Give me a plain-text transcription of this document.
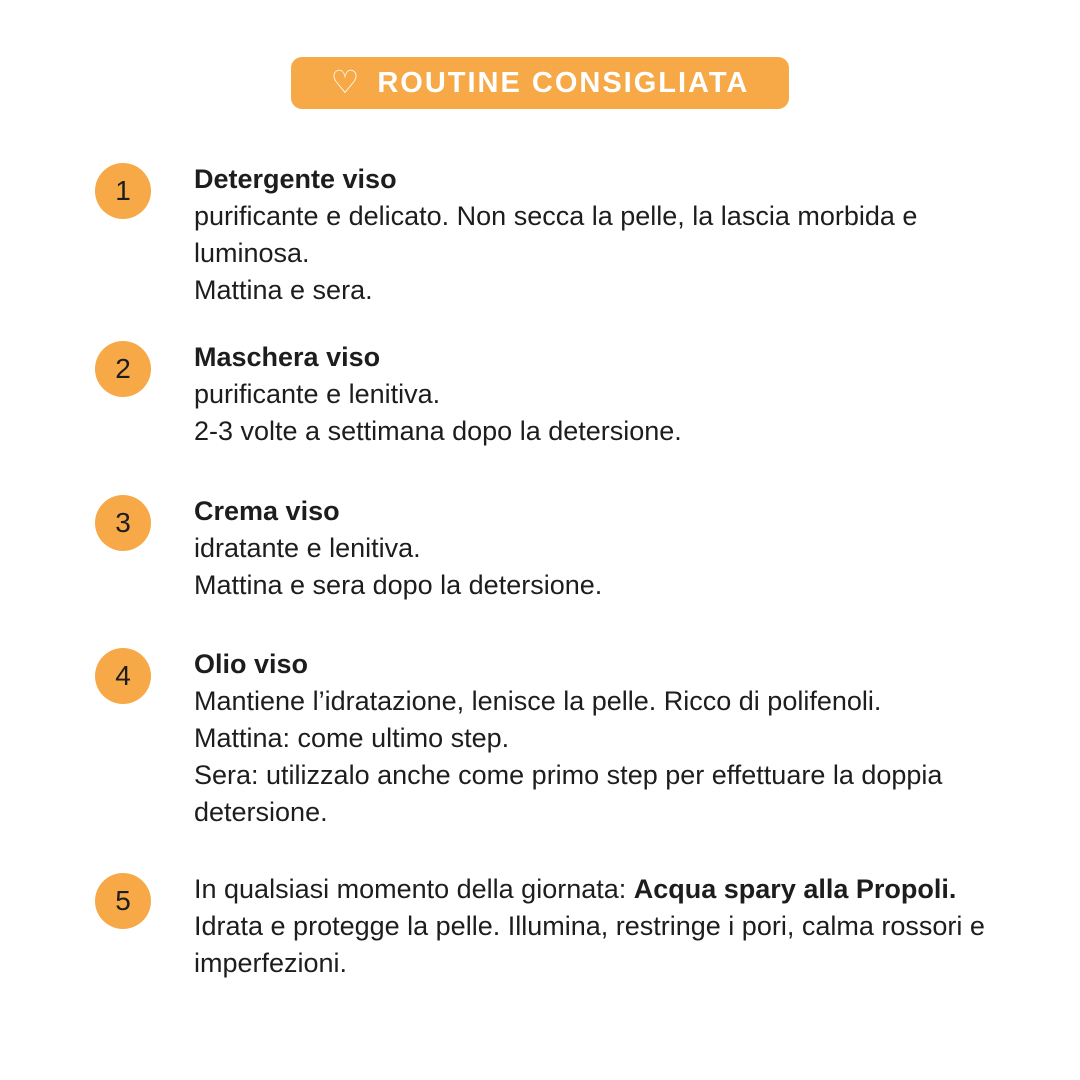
♡ ROUTINE CONSIGLIATA
1	Detergente viso
purificante e delicato. Non secca la pelle, la lascia morbida e luminosa.
Mattina e sera.
2	Maschera viso
purificante e lenitiva.
2-3 volte a settimana dopo la detersione.
3	Crema viso
idratante e lenitiva.
Mattina e sera dopo la detersione.
4	Olio viso
Mantiene l’idratazione, lenisce la pelle. Ricco di polifenoli.
Mattina: come ultimo step.
Sera: utilizzalo anche come primo step per effettuare la doppia detersione.
5	In qualsiasi momento della giornata: Acqua spary alla Propoli.
Idrata e protegge la pelle. Illumina, restringe i pori, calma rossori e imperfezioni.
